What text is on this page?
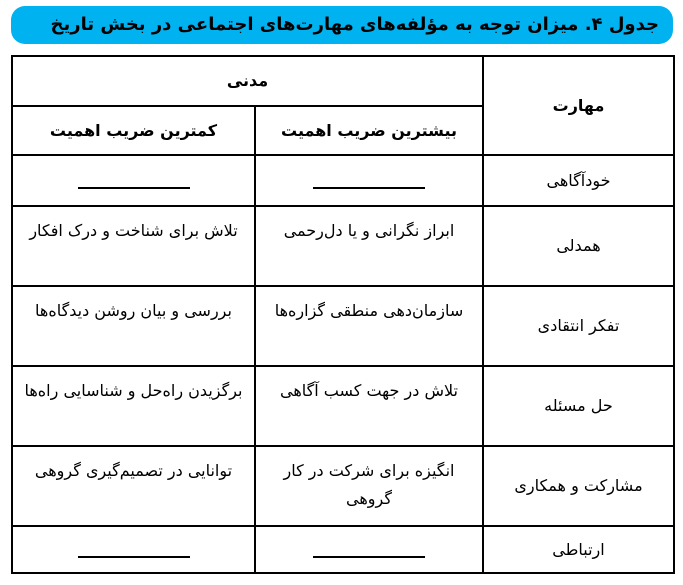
جدول ۴. میزان توجه به مؤلفه‌های مهارت‌های اجتماعی در بخش تاریخ
مهارت	مدنی	
	بیشترین ضریب اهمیت	کمترین ضریب اهمیت
خودآگاهی		
همدلی	ابراز نگرانی و یا دل‌رحمی	تلاش برای شناخت و درک افکار
تفکر انتقادی	سازمان‌دهی منطقی گزاره‌ها	بررسی و بیان روشن دیدگاه‌ها
حل مسئله	تلاش در جهت کسب آگاهی	برگزیدن راه‌حل و شناسایی راه‌ها
مشارکت و همکاری	انگیزه برای شرکت در کار گروهی	توانایی در تصمیم‌گیری گروهی
ارتباطی		
